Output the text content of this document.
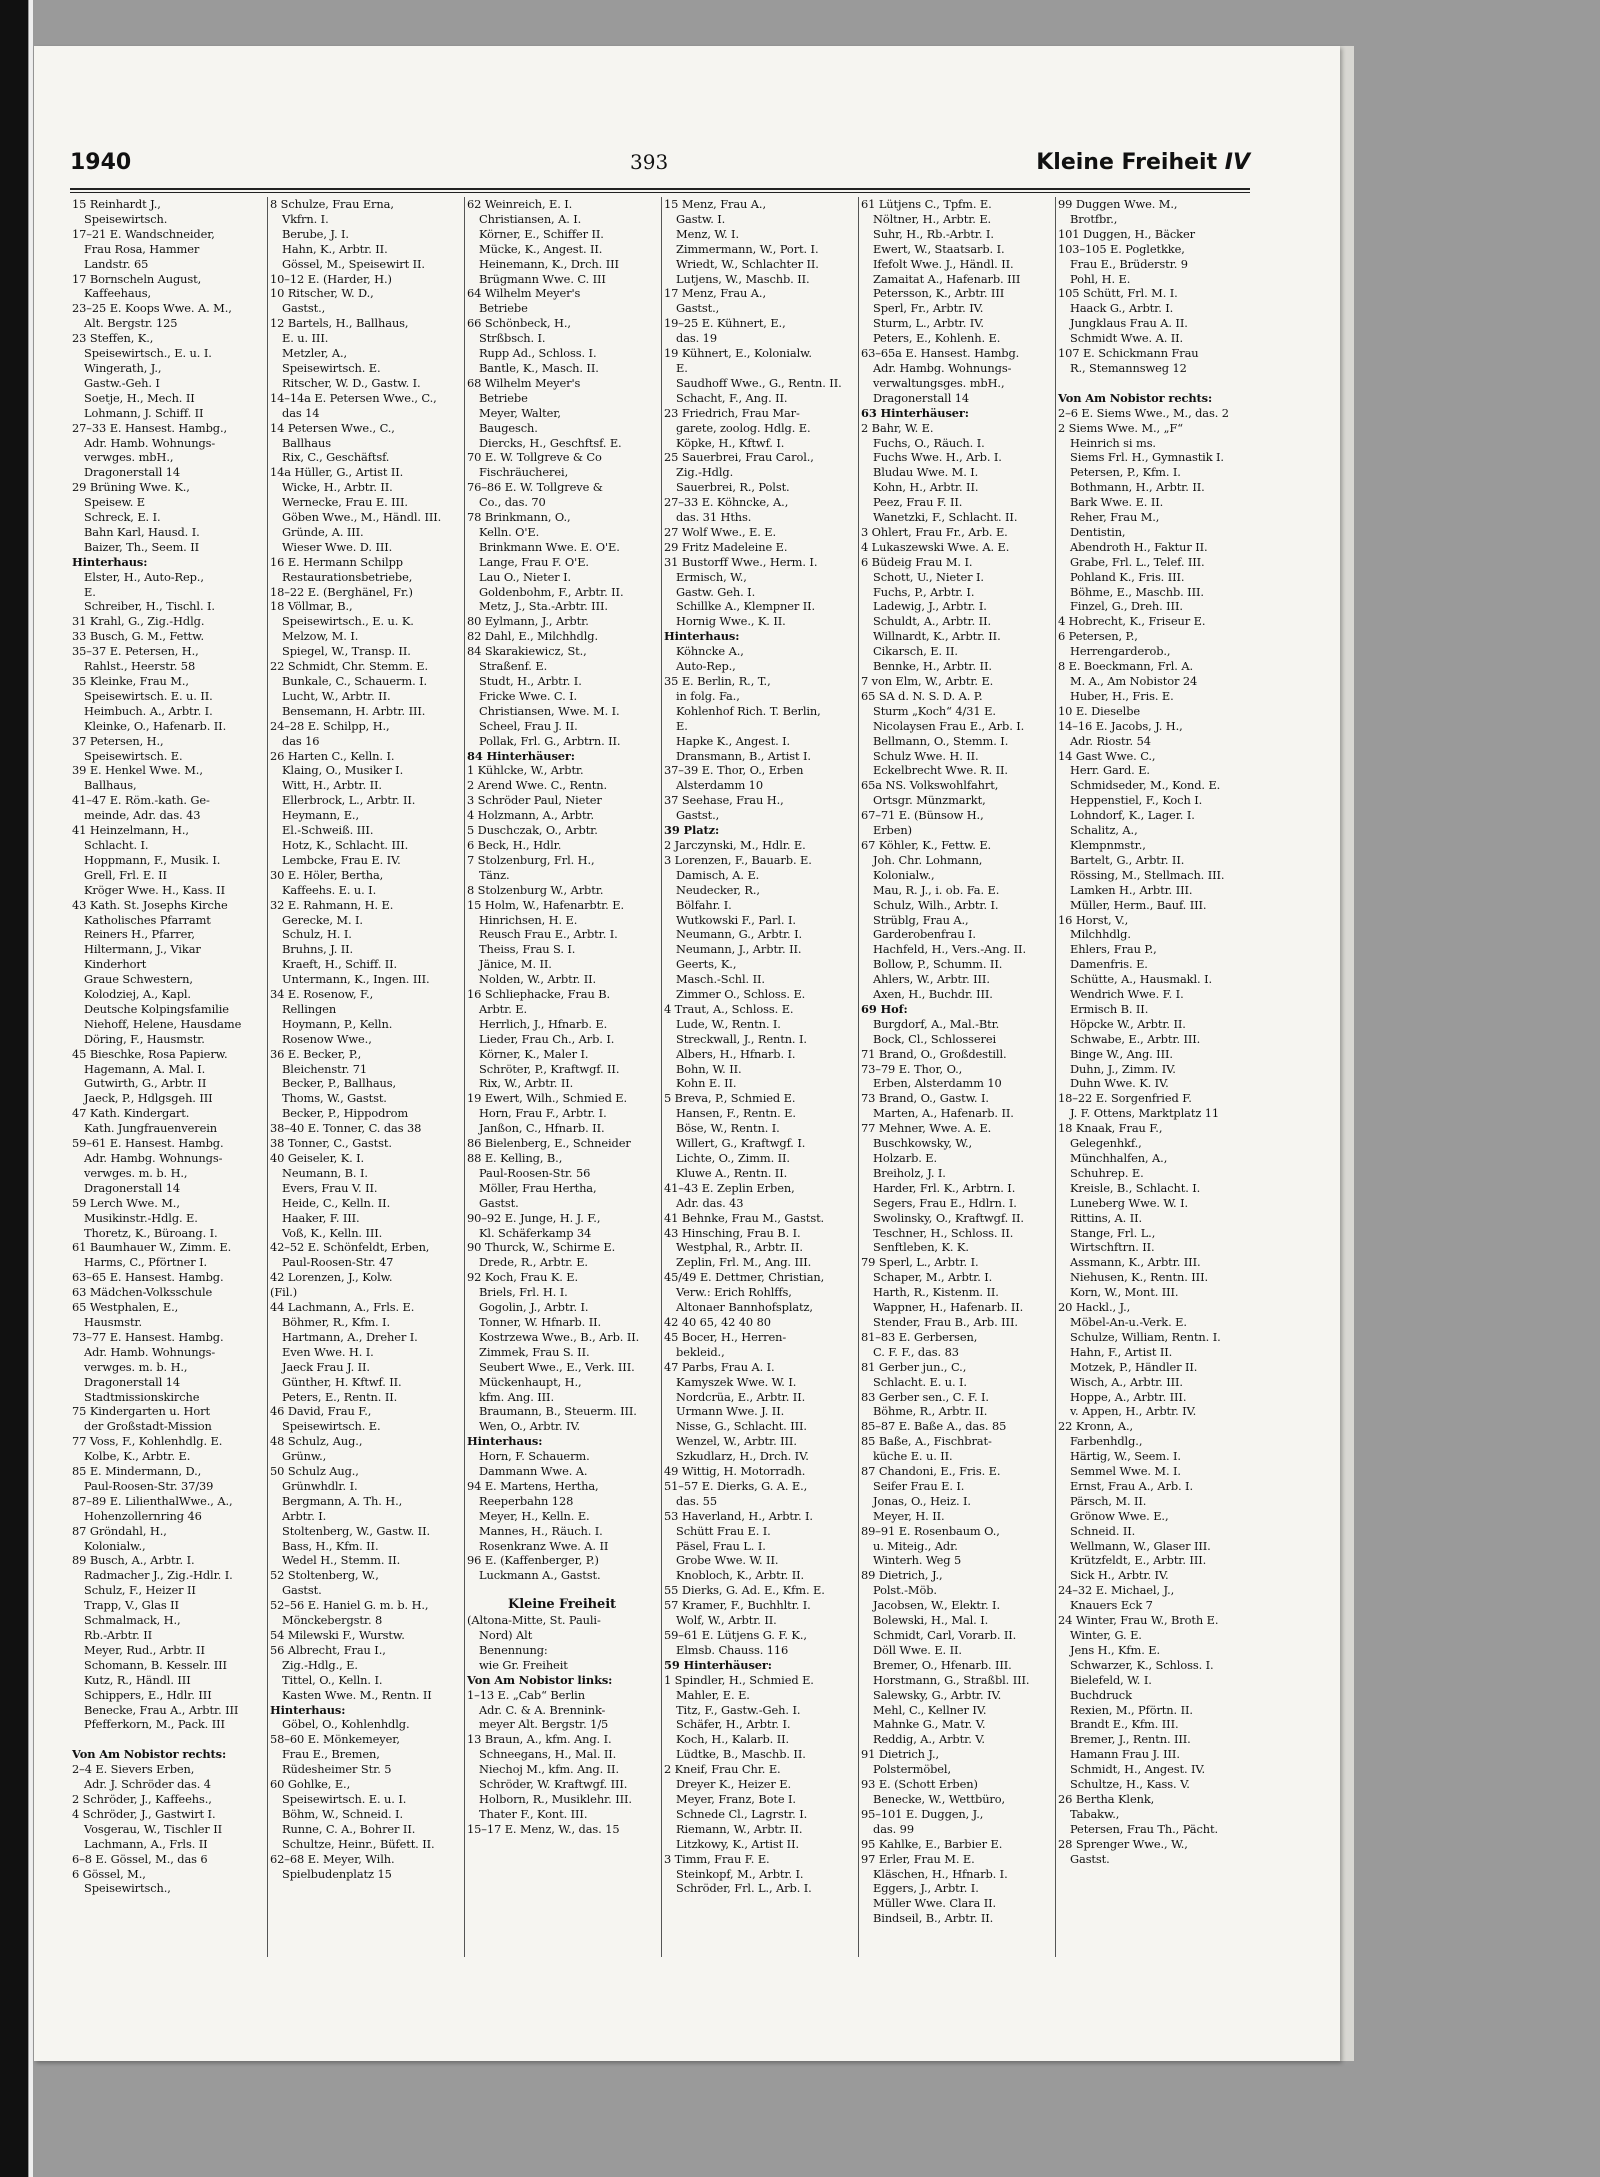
1940	393	Kleine Freiheit IV
15 Reinhardt J.,
Speisewirtsch.
17–21 E. Wandschneider,
Frau Rosa, Hammer
Landstr. 65
17 Bornscheln August,
Kaffeehaus,
23–25 E. Koops Wwe. A. M.,
Alt. Bergstr. 125
23 Steffen, K.,
Speisewirtsch., E. u. I.
Wingerath, J.,
Gastw.-Geh. I
Soetje, H., Mech. II
Lohmann, J. Schiff. II
27–33 E. Hansest. Hambg.,
Adr. Hamb. Wohnungs-
verwges. mbH.,
Dragonerstall 14
29 Brüning Wwe. K.,
Speisew. E
Schreck, E. I.
Bahn Karl, Hausd. I.
Baizer, Th., Seem. II
Hinterhaus:
Elster, H., Auto-Rep.,
E.
Schreiber, H., Tischl. I.
31 Krahl, G., Zig.-Hdlg.
33 Busch, G. M., Fettw.
35–37 E. Petersen, H.,
Rahlst., Heerstr. 58
35 Kleinke, Frau M.,
Speisewirtsch. E. u. II.
Heimbuch. A., Arbtr. I.
Kleinke, O., Hafenarb. II.
37 Petersen, H.,
Speisewirtsch. E.
39 E. Henkel Wwe. M.,
Ballhaus,
41–47 E. Röm.-kath. Ge-
meinde, Adr. das. 43
41 Heinzelmann, H.,
Schlacht. I.
Hoppmann, F., Musik. I.
Grell, Frl. E. II
Kröger Wwe. H., Kass. II
43 Kath. St. Josephs Kirche
Katholisches Pfarramt
Reiners H., Pfarrer,
Hiltermann, J., Vikar
Kinderhort
Graue Schwestern,
Kolodziej, A., Kapl.
Deutsche Kolpingsfamilie
Niehoff, Helene, Hausdame
Döring, F., Hausmstr.
45 Bieschke, Rosa Papierw.
Hagemann, A. Mal. I.
Gutwirth, G., Arbtr. II
Jaeck, P., Hdlgsgeh. III
47 Kath. Kindergart.
Kath. Jungfrauenverein
59–61 E. Hansest. Hambg.
Adr. Hambg. Wohnungs-
verwges. m. b. H.,
Dragonerstall 14
59 Lerch Wwe. M.,
Musikinstr.-Hdlg. E.
Thoretz, K., Bürоang. I.
61 Baumhauer W., Zimm. E.
Harms, C., Pförtner I.
63–65 E. Hansest. Hambg.
63 Mädchen-Volksschule
65 Westphalen, E.,
Hausmstr.
73–77 E. Hansest. Hambg.
Adr. Hamb. Wohnungs-
verwges. m. b. H.,
Dragonerstall 14
Stadtmissionskirche
75 Kindergarten u. Hort
der Großstadt-Mission
77 Voss, F., Kohlenhdlg. E.
Kolbe, K., Arbtr. E.
85 E. Mindermann, D.,
Paul-Roosen-Str. 37/39
87–89 E. LilienthalWwe., A.,
Hohenzollernring 46
87 Gröndahl, H.,
Kolonialw.,
89 Busch, A., Arbtr. I.
Radmacher J., Zig.-Hdlr. I.
Schulz, F., Heizer II
Trapp, V., Glas II
Schmalmack, H.,
Rb.-Arbtr. II
Meyer, Rud., Arbtr. II
Schomann, B. Kesselr. III
Kutz, R., Händl. III
Schippers, E., Hdlr. III
Benecke, Frau A., Arbtr. III
Pfefferkorn, M., Pack. III

Von Am Nobistor rechts:
2–4 E. Sievers Erben,
Adr. J. Schröder das. 4
2 Schröder, J., Kaffeehs.,
4 Schröder, J., Gastwirt I.
Vosgerau, W., Tischler II
Lachmann, A., Frls. II
6–8 E. Gössel, M., das 6
6 Gössel, M.,
Speisewirtsch.,
8 Schulze, Frau Erna,
Vkfrn. I.
Berube, J. I.
Hahn, K., Arbtr. II.
Gössel, M., Speisewirt II.
10–12 E. (Harder, H.)
10 Ritscher, W. D.,
Gastst.,
12 Bartels, H., Ballhaus,
E. u. III.
Metzler, A.,
Speisewirtsch. E.
Ritscher, W. D., Gastw. I.
14–14a E. Petersen Wwe., C.,
das 14
14 Petersen Wwe., C.,
Ballhaus
Rix, C., Geschäftsf.
14a Hüller, G., Artist II.
Wicke, H., Arbtr. II.
Wernecke, Frau E. III.
Göben Wwe., M., Händl. III.
Gründe, A. III.
Wieser Wwe. D. III.
16 E. Hermann Schilpp
Restaurationsbetriebe,
18–22 E. (Berghänel, Fr.)
18 Völlmar, B.,
Speisewirtsch., E. u. K.
Melzow, M. I.
Spiegel, W., Transp. II.
22 Schmidt, Chr. Stemm. E.
Bunkale, C., Schauerm. I.
Lucht, W., Arbtr. II.
Bensemann, H. Arbtr. III.
24–28 E. Schilpp, H.,
das 16
26 Harten C., Kelln. I.
Klaing, O., Musiker I.
Witt, H., Arbtr. II.
Ellerbrock, L., Arbtr. II.
Heymann, E.,
El.-Schweiß. III.
Hotz, K., Schlacht. III.
Lembcke, Frau E. IV.
30 E. Höler, Bertha,
Kaffeehs. E. u. I.
32 E. Rahmann, H. E.
Gerecke, M. I.
Schulz, H. I.
Bruhns, J. II.
Kraeft, H., Schiff. II.
Untermann, K., Ingen. III.
34 E. Rosenow, F.,
Rellingen
Hoymann, P., Kelln.
Rosenow Wwe.,
36 E. Becker, P.,
Bleichenstr. 71
Becker, P., Ballhaus,
Thoms, W., Gastst.
Becker, P., Hippodrom
38–40 E. Tonner, C. das 38
38 Tonner, C., Gastst.
40 Geiseler, K. I.
Neumann, B. I.
Evers, Frau V. II.
Heide, C., Kelln. II.
Haaker, F. III.
Voß, K., Kelln. III.
42–52 E. Schönfeldt, Erben,
Paul-Roosen-Str. 47
42 Lorenzen, J., Kolw.
(Fil.)
44 Lachmann, A., Frls. E.
Böhmer, R., Kfm. I.
Hartmann, A., Dreher I.
Even Wwe. H. I.
Jaeck Frau J. II.
Günther, H. Kftwf. II.
Peters, E., Rentn. II.
46 David, Frau F.,
Speisewirtsch. E.
48 Schulz, Aug.,
Grünw.,
50 Schulz Aug.,
Grünwhdlr. I.
Bergmann, A. Th. H.,
Arbtr. I.
Stoltenberg, W., Gastw. II.
Bass, H., Kfm. II.
Wedel H., Stemm. II.
52 Stoltenberg, W.,
Gastst.
52–56 E. Haniel G. m. b. H.,
Mönckebergstr. 8
54 Milewski F., Wurstw.
56 Albrecht, Frau I.,
Zig.-Hdlg., E.
Tittel, O., Kelln. I.
Kasten Wwe. M., Rentn. II
Hinterhaus:
Göbel, O., Kohlenhdlg.
58–60 E. Mönkemeyer,
Frau E., Bremen,
Rüdesheimer Str. 5
60 Gohlke, E.,
Speisewirtsch. E. u. I.
Böhm, W., Schneid. I.
Runne, C. A., Bohrer II.
Schultze, Heinr., Büfett. II.
62–68 E. Meyer, Wilh.
Spielbudenplatz 15
62 Weinreich, E. I.
Christiansen, A. I.
Körner, E., Schiffer II.
Mücke, K., Angest. II.
Heinemann, K., Drch. III
Brügmann Wwe. C. III
64 Wilhelm Meyer's
Betriebe
66 Schönbeck, H.,
Strßbsch. I.
Rupp Ad., Schloss. I.
Bantle, K., Masch. II.
68 Wilhelm Meyer's
Betriebe
Meyer, Walter,
Baugesch.
Diercks, H., Geschftsf. E.
70 E. W. Tollgreve & Co
Fischräucherei,
76–86 E. W. Tollgreve &
Co., das. 70
78 Brinkmann, O.,
Kelln. O'E.
Brinkmann Wwe. E. O'E.
Lange, Frau F. O'E.
Lau O., Nieter I.
Goldenbohm, F., Arbtr. II.
Metz, J., Sta.-Arbtr. III.
80 Eylmann, J., Arbtr.
82 Dahl, E., Milchhdlg.
84 Skarakiewicz, St.,
Straßenf. E.
Studt, H., Arbtr. I.
Fricke Wwe. C. I.
Christiansen, Wwe. M. I.
Scheel, Frau J. II.
Pollak, Frl. G., Arbtrn. II.
84 Hinterhäuser:
1 Kühlcke, W., Arbtr.
2 Arend Wwe. C., Rentn.
3 Schröder Paul, Nieter
4 Holzmann, A., Arbtr.
5 Duschczak, O., Arbtr.
6 Beck, H., Hdlr.
7 Stolzenburg, Frl. H.,
Tänz.
8 Stolzenburg W., Arbtr.
15 Holm, W., Hafenarbtr. E.
Hinrichsen, H. E.
Reusch Frau E., Arbtr. I.
Theiss, Frau S. I.
Jänice, M. II.
Nolden, W., Arbtr. II.
16 Schliephacke, Frau B.
Arbtr. E.
Herrlich, J., Hfnarb. E.
Lieder, Frau Ch., Arb. I.
Körner, K., Maler I.
Schröter, P., Kraftwgf. II.
Rix, W., Arbtr. II.
19 Ewert, Wilh., Schmied E.
Horn, Frau F., Arbtr. I.
Janßon, C., Hfnarb. II.
86 Bielenberg, E., Schneider
88 E. Kelling, B.,
Paul-Roosen-Str. 56
Möller, Frau Hertha,
Gastst.
90–92 E. Junge, H. J. F.,
Kl. Schäferkamp 34
90 Thurck, W., Schirme E.
Drede, R., Arbtr. E.
92 Koch, Frau K. E.
Briels, Frl. H. I.
Gogolin, J., Arbtr. I.
Tonner, W. Hfnarb. II.
Kostrzewa Wwe., B., Arb. II.
Zimmek, Frau S. II.
Seubert Wwe., E., Verk. III.
Mückenhaupt, H.,
kfm. Ang. III.
Braumann, B., Steuerm. III.
Wen, O., Arbtr. IV.
Hinterhaus:
Horn, F. Schauerm.
Dammann Wwe. A.
94 E. Martens, Hertha,
Reeperbahn 128
Meyer, H., Kelln. E.
Mannes, H., Räuch. I.
Rosenkranz Wwe. A. II
96 E. (Kaffenberger, P.)
Luckmann A., Gastst.

Kleine Freiheit
(Altona-Mitte, St. Pauli-
Nord) Alt
Benennung:
wie Gr. Freiheit
Von Am Nobistor links:
1–13 E. „Cab“ Berlin
Adr. C. & A. Brennink-
meyer Alt. Bergstr. 1/5
13 Braun, A., kfm. Ang. I.
Schneegans, H., Mal. II.
Niechoj M., kfm. Ang. II.
Schröder, W. Kraftwgf. III.
Holborn, R., Musiklehr. III.
Thater F., Kont. III.
15–17 E. Menz, W., das. 15
15 Menz, Frau A.,
Gastw. I.
Menz, W. I.
Zimmermann, W., Port. I.
Wriedt, W., Schlachter II.
Lutjens, W., Maschb. II.
17 Menz, Frau A.,
Gastst.,
19–25 E. Kühnert, E.,
das. 19
19 Kühnert, E., Kolonialw.
E.
Saudhoff Wwe., G., Rentn. II.
Schacht, F., Ang. II.
23 Friedrich, Frau Mar-
garete, zoolog. Hdlg. E.
Köpke, H., Kftwf. I.
25 Sauerbrei, Frau Carol.,
Zig.-Hdlg.
Sauerbrei, R., Polst.
27–33 E. Köhncke, A.,
das. 31 Hths.
27 Wolf Wwe., E. E.
29 Fritz Madeleine E.
31 Bustorff Wwe., Herm. I.
Ermisch, W.,
Gastw. Geh. I.
Schillke A., Klempner II.
Hornig Wwe., K. II.
Hinterhaus:
Köhncke A.,
Auto-Rep.,
35 E. Berlin, R., T.,
in folg. Fa.,
Kohlenhof Rich. T. Berlin,
E.
Hapke K., Angest. I.
Dransmann, B., Artist I.
37–39 E. Thor, O., Erben
Alsterdamm 10
37 Seehase, Frau H.,
Gastst.,
39 Platz:
2 Jarczynski, M., Hdlr. E.
3 Lorenzen, F., Bauarb. E.
Damisch, A. E.
Neudecker, R.,
Bölfahr. I.
Wutkowski F., Parl. I.
Neumann, G., Arbtr. I.
Neumann, J., Arbtr. II.
Geerts, K.,
Masch.-Schl. II.
Zimmer O., Schloss. E.
4 Traut, A., Schloss. E.
Lude, W., Rentn. I.
Streckwall, J., Rentn. I.
Albers, H., Hfnarb. I.
Bohn, W. II.
Kohn E. II.
5 Breva, P., Schmied E.
Hansen, F., Rentn. E.
Böse, W., Rentn. I.
Willert, G., Kraftwgf. I.
Lichte, O., Zimm. II.
Kluwe A., Rentn. II.
41–43 E. Zeplin Erben,
Adr. das. 43
41 Behnke, Frau M., Gastst.
43 Hinsching, Frau B. I.
Westphal, R., Arbtr. II.
Zeplin, Frl. M., Ang. III.
45/49 E. Dettmer, Christian,
Verw.: Erich Rohlffs,
Altonaer Bannhofsplatz,
42 40 65, 42 40 80
45 Bocer, H., Herren-
bekleid.,
47 Parbs, Frau A. I.
Kamyszek Wwe. W. I.
Nordcrüa, E., Arbtr. II.
Urmann Wwe. J. II.
Nisse, G., Schlacht. III.
Wenzel, W., Arbtr. III.
Szkudlarz, H., Drch. IV.
49 Wittig, H. Motorradh.
51–57 E. Dierks, G. A. E.,
das. 55
53 Haverland, H., Arbtr. I.
Schütt Frau E. I.
Päsel, Frau L. I.
Grobe Wwe. W. II.
Knobloch, K., Arbtr. II.
55 Dierks, G. Ad. E., Kfm. E.
57 Kramer, F., Buchhltr. I.
Wolf, W., Arbtr. II.
59–61 E. Lütjens G. F. K.,
Elmsb. Chauss. 116
59 Hinterhäuser:
1 Spindler, H., Schmied E.
Mahler, E. E.
Titz, F., Gastw.-Geh. I.
Schäfer, H., Arbtr. I.
Koch, H., Kalarb. II.
Lüdtke, B., Maschb. II.
2 Kneif, Frau Chr. E.
Dreyer K., Heizer E.
Meyer, Franz, Bote I.
Schnede Cl., Lagrstr. I.
Riemann, W., Arbtr. II.
Litzkowy, K., Artist II.
3 Timm, Frau F. E.
Steinkopf, M., Arbtr. I.
Schröder, Frl. L., Arb. I.
61 Lütjens C., Tpfm. E.
Nöltner, H., Arbtr. E.
Suhr, H., Rb.-Arbtr. I.
Ewert, W., Staatsarb. I.
Ifefolt Wwe. J., Händl. II.
Zamaitat A., Hafenarb. III
Petersson, K., Arbtr. III
Sperl, Fr., Arbtr. IV.
Sturm, L., Arbtr. IV.
Peters, E., Kohlenh. E.
63–65a E. Hansest. Hambg.
Adr. Hambg. Wohnungs-
verwaltungsges. mbH.,
Dragonerstall 14
63 Hinterhäuser:
2 Bahr, W. E.
Fuchs, O., Räuch. I.
Fuchs Wwe. H., Arb. I.
Bludau Wwe. M. I.
Kohn, H., Arbtr. II.
Peez, Frau F. II.
Wanetzki, F., Schlacht. II.
3 Ohlert, Frau Fr., Arb. E.
4 Lukaszewski Wwe. A. E.
6 Büdeig Frau M. I.
Schott, U., Nieter I.
Fuchs, P., Arbtr. I.
Ladewig, J., Arbtr. I.
Schuldt, A., Arbtr. II.
Willnardt, K., Arbtr. II.
Cikarsch, E. II.
Bennke, H., Arbtr. II.
7 von Elm, W., Arbtr. E.
65 SA d. N. S. D. A. P.
Sturm „Koch“ 4/31 E.
Nicolaysen Frau E., Arb. I.
Bellmann, O., Stemm. I.
Schulz Wwe. H. II.
Eckelbrecht Wwe. R. II.
65a NS. Volkswohlfahrt,
Ortsgr. Münzmarkt,
67–71 E. (Bünsow H.,
Erben)
67 Köhler, K., Fettw. E.
Joh. Chr. Lohmann,
Kolonialw.,
Mau, R. J., i. ob. Fa. E.
Schulz, Wilh., Arbtr. I.
Strüblg, Frau A.,
Garderobenfrau I.
Hachfeld, H., Vers.-Ang. II.
Bollow, P., Schumm. II.
Ahlers, W., Arbtr. III.
Axen, H., Buchdr. III.
69 Hof:
Burgdorf, A., Mal.-Btr.
Bock, Cl., Schlosserei
71 Brand, O., Großdestill.
73–79 E. Thor, O.,
Erben, Alsterdamm 10
73 Brand, O., Gastw. I.
Marten, A., Hafenarb. II.
77 Mehner, Wwe. A. E.
Buschkowsky, W.,
Holzarb. E.
Breiholz, J. I.
Harder, Frl. K., Arbtrn. I.
Segers, Frau E., Hdlrn. I.
Swolinsky, O., Kraftwgf. II.
Teschner, H., Schloss. II.
Senftleben, K. K.
79 Sperl, L., Arbtr. I.
Schaper, M., Arbtr. I.
Harth, R., Kistenm. II.
Wappner, H., Hafenarb. II.
Stender, Frau B., Arb. III.
81–83 E. Gerbersen,
C. F. F., das. 83
81 Gerber jun., C.,
Schlacht. E. u. I.
83 Gerber sen., C. F. I.
Böhme, R., Arbtr. II.
85–87 E. Baße A., das. 85
85 Baße, A., Fischbrat-
küche E. u. II.
87 Chandoni, E., Fris. E.
Seifer Frau E. I.
Jonas, O., Heiz. I.
Meyer, H. II.
89–91 E. Rosenbaum O.,
u. Miteig., Adr.
Winterh. Weg 5
89 Dietrich, J.,
Polst.-Möb.
Jacobsen, W., Elektr. I.
Bolewski, H., Mal. I.
Schmidt, Carl, Vorarb. II.
Döll Wwe. E. II.
Bremer, O., Hfenarb. III.
Horstmann, G., Straßbl. III.
Salewsky, G., Arbtr. IV.
Mehl, C., Kellner IV.
Mahnke G., Matr. V.
Reddig, A., Arbtr. V.
91 Dietrich J.,
Polstermöbel,
93 E. (Schott Erben)
Benecke, W., Wettbüro,
95–101 E. Duggen, J.,
das. 99
95 Kahlke, E., Barbier E.
97 Erler, Frau M. E.
Kläschen, H., Hfnarb. I.
Eggers, J., Arbtr. I.
Müller Wwe. Clara II.
Bindseil, B., Arbtr. II.
99 Duggen Wwe. M.,
Brotfbr.,
101 Duggen, H., Bäcker
103–105 E. Pogletkke,
Frau E., Brüderstr. 9
Pohl, H. E.
105 Schütt, Frl. M. I.
Haack G., Arbtr. I.
Jungklaus Frau A. II.
Schmidt Wwe. A. II.
107 E. Schickmann Frau
R., Stemannsweg 12

Von Am Nobistor rechts:
2–6 E. Siems Wwe., M., das. 2
2 Siems Wwe. M., „F“
Heinrich si ms.
Siems Frl. H., Gymnastik I.
Petersen, P., Kfm. I.
Bothmann, H., Arbtr. II.
Bark Wwe. E. II.
Reher, Frau M.,
Dentistin,
Abendroth H., Faktur II.
Grabe, Frl. L., Telef. III.
Pohland K., Fris. III.
Böhme, E., Maschb. III.
Finzel, G., Dreh. III.
4 Hobrecht, K., Friseur E.
6 Petersen, P.,
Herrengarderob.,
8 E. Boeckmann, Frl. A.
M. A., Am Nobistor 24
Huber, H., Fris. E.
10 E. Dieselbe
14–16 E. Jacobs, J. H.,
Adr. Riostr. 54
14 Gast Wwe. C.,
Herr. Gard. E.
Schmidseder, M., Kond. E.
Heppenstiel, F., Koch I.
Lohndorf, K., Lager. I.
Schalitz, A.,
Klempnmstr.,
Bartelt, G., Arbtr. II.
Rössing, M., Stellmach. III.
Lamken H., Arbtr. III.
Müller, Herm., Bauf. III.
16 Horst, V.,
Milchhdlg.
Ehlers, Frau P.,
Damenfris. E.
Schütte, A., Hausmakl. I.
Wendrich Wwe. F. I.
Ermisch B. II.
Höpcke W., Arbtr. II.
Schwabe, E., Arbtr. III.
Binge W., Ang. III.
Duhn, J., Zimm. IV.
Duhn Wwe. K. IV.
18–22 E. Sorgenfried F.
J. F. Ottens, Marktplatz 11
18 Knaak, Frau F.,
Gelegenhkf.,
Münchhalfen, A.,
Schuhrep. E.
Kreisle, B., Schlacht. I.
Luneberg Wwe. W. I.
Rittins, A. II.
Stange, Frl. L.,
Wirtschftrn. II.
Assmann, K., Arbtr. III.
Niehusen, K., Rentn. III.
Korn, W., Mont. III.
20 Hackl., J.,
Möbel-An-u.-Verk. E.
Schulze, William, Rentn. I.
Hahn, F., Artist II.
Motzek, P., Händler II.
Wisch, A., Arbtr. III.
Hoppe, A., Arbtr. III.
v. Appen, H., Arbtr. IV.
22 Kronn, A.,
Farbenhdlg.,
Härtig, W., Seem. I.
Semmel Wwe. M. I.
Ernst, Frau A., Arb. I.
Pärsch, M. II.
Grönow Wwe. E.,
Schneid. II.
Wellmann, W., Glaser III.
Krützfeldt, E., Arbtr. III.
Sick H., Arbtr. IV.
24–32 E. Michael, J.,
Knauers Eck 7
24 Winter, Frau W., Broth E.
Winter, G. E.
Jens H., Kfm. E.
Schwarzer, K., Schloss. I.
Bielefeld, W. I.
Buchdruck
Rexien, M., Pförtn. II.
Brandt E., Kfm. III.
Bremer, J., Rentn. III.
Hamann Frau J. III.
Schmidt, H., Angest. IV.
Schultze, H., Kass. V.
26 Bertha Klenk,
Tabakw.,
Petersen, Frau Th., Pächt.
28 Sprenger Wwe., W.,
Gastst.
